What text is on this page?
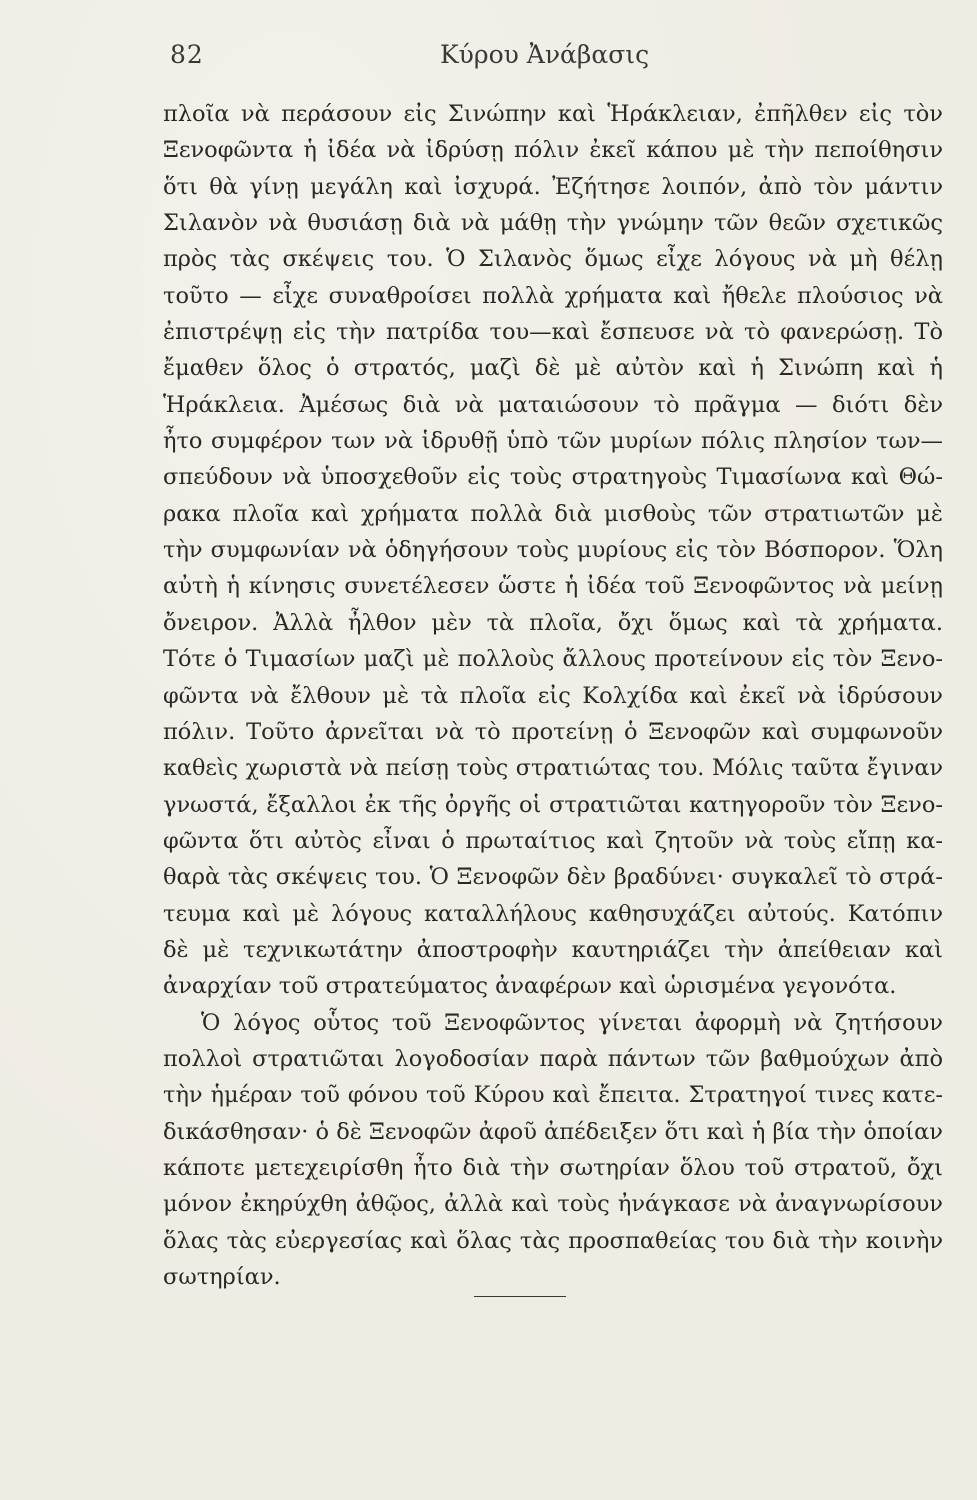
82	Κύρου Ἀνάβασις
πλοῖα νὰ περάσουν εἰς Σινώπην καὶ Ἡράκλειαν, ἐπῆλθεν εἰς τὸν
Ξενοφῶντα ἡ ἰδέα νὰ ἱδρύσῃ πόλιν ἐκεῖ κάπου μὲ τὴν πεποίθησιν
ὅτι θὰ γίνῃ μεγάλη καὶ ἰσχυρά. Ἐζήτησε λοιπόν, ἀπὸ τὸν μάντιν
Σιλανὸν νὰ θυσιάσῃ διὰ νὰ μάθῃ τὴν γνώμην τῶν θεῶν σχετικῶς
πρὸς τὰς σκέψεις του. Ὁ Σιλανὸς ὅμως εἶχε λόγους νὰ μὴ θέλῃ
τοῦτο — εἶχε συναθροίσει πολλὰ χρήματα καὶ ἤθελε πλούσιος νὰ
ἐπιστρέψῃ εἰς τὴν πατρίδα του—καὶ ἔσπευσε νὰ τὸ φανερώσῃ. Τὸ
ἔμαθεν ὅλος ὁ στρατός, μαζὶ δὲ μὲ αὐτὸν καὶ ἡ Σινώπη καὶ ἡ
Ἡράκλεια. Ἀμέσως διὰ νὰ ματαιώσουν τὸ πρᾶγμα — διότι δὲν
ἦτο συμφέρον των νὰ ἱδρυθῇ ὑπὸ τῶν μυρίων πόλις πλησίον των—
σπεύδουν νὰ ὑποσχεθοῦν εἰς τοὺς στρατηγοὺς Τιμασίωνα καὶ Θώ-
ρακα πλοῖα καὶ χρήματα πολλὰ διὰ μισθοὺς τῶν στρατιωτῶν μὲ
τὴν συμφωνίαν νὰ ὁδηγήσουν τοὺς μυρίους εἰς τὸν Βόσπορον. Ὅλη
αὐτὴ ἡ κίνησις συνετέλεσεν ὥστε ἡ ἰδέα τοῦ Ξενοφῶντος νὰ μείνῃ
ὄνειρον. Ἀλλὰ ἦλθον μὲν τὰ πλοῖα, ὄχι ὅμως καὶ τὰ χρήματα.
Τότε ὁ Τιμασίων μαζὶ μὲ πολλοὺς ἄλλους προτείνουν εἰς τὸν Ξενο-
φῶντα νὰ ἔλθουν μὲ τὰ πλοῖα εἰς Κολχίδα καὶ ἐκεῖ νὰ ἱδρύσουν
πόλιν. Τοῦτο ἀρνεῖται νὰ τὸ προτείνῃ ὁ Ξενοφῶν καὶ συμφωνοῦν
καθεὶς χωριστὰ νὰ πείσῃ τοὺς στρατιώτας του. Μόλις ταῦτα ἔγιναν
γνωστά, ἔξαλλοι ἐκ τῆς ὀργῆς οἱ στρατιῶται κατηγοροῦν τὸν Ξενο-
φῶντα ὅτι αὐτὸς εἶναι ὁ πρωταίτιος καὶ ζητοῦν νὰ τοὺς εἴπῃ κα-
θαρὰ τὰς σκέψεις του. Ὁ Ξενοφῶν δὲν βραδύνει· συγκαλεῖ τὸ στρά-
τευμα καὶ μὲ λόγους καταλλήλους καθησυχάζει αὐτούς. Κατόπιν
δὲ μὲ τεχνικωτάτην ἀποστροφὴν καυτηριάζει τὴν ἀπείθειαν καὶ
ἀναρχίαν τοῦ στρατεύματος ἀναφέρων καὶ ὡρισμένα γεγονότα.
Ὁ λόγος οὗτος τοῦ Ξενοφῶντος γίνεται ἀφορμὴ νὰ ζητήσουν
πολλοὶ στρατιῶται λογοδοσίαν παρὰ πάντων τῶν βαθμούχων ἀπὸ
τὴν ἡμέραν τοῦ φόνου τοῦ Κύρου καὶ ἔπειτα. Στρατηγοί τινες κατε-
δικάσθησαν· ὁ δὲ Ξενοφῶν ἀφοῦ ἀπέδειξεν ὅτι καὶ ἡ βία τὴν ὁποίαν
κάποτε μετεχειρίσθη ἦτο διὰ τὴν σωτηρίαν ὅλου τοῦ στρατοῦ, ὄχι
μόνον ἐκηρύχθη ἀθῷος, ἀλλὰ καὶ τοὺς ἠνάγκασε νὰ ἀναγνωρίσουν
ὅλας τὰς εὐεργεσίας καὶ ὅλας τὰς προσπαθείας του διὰ τὴν κοινὴν
σωτηρίαν.
